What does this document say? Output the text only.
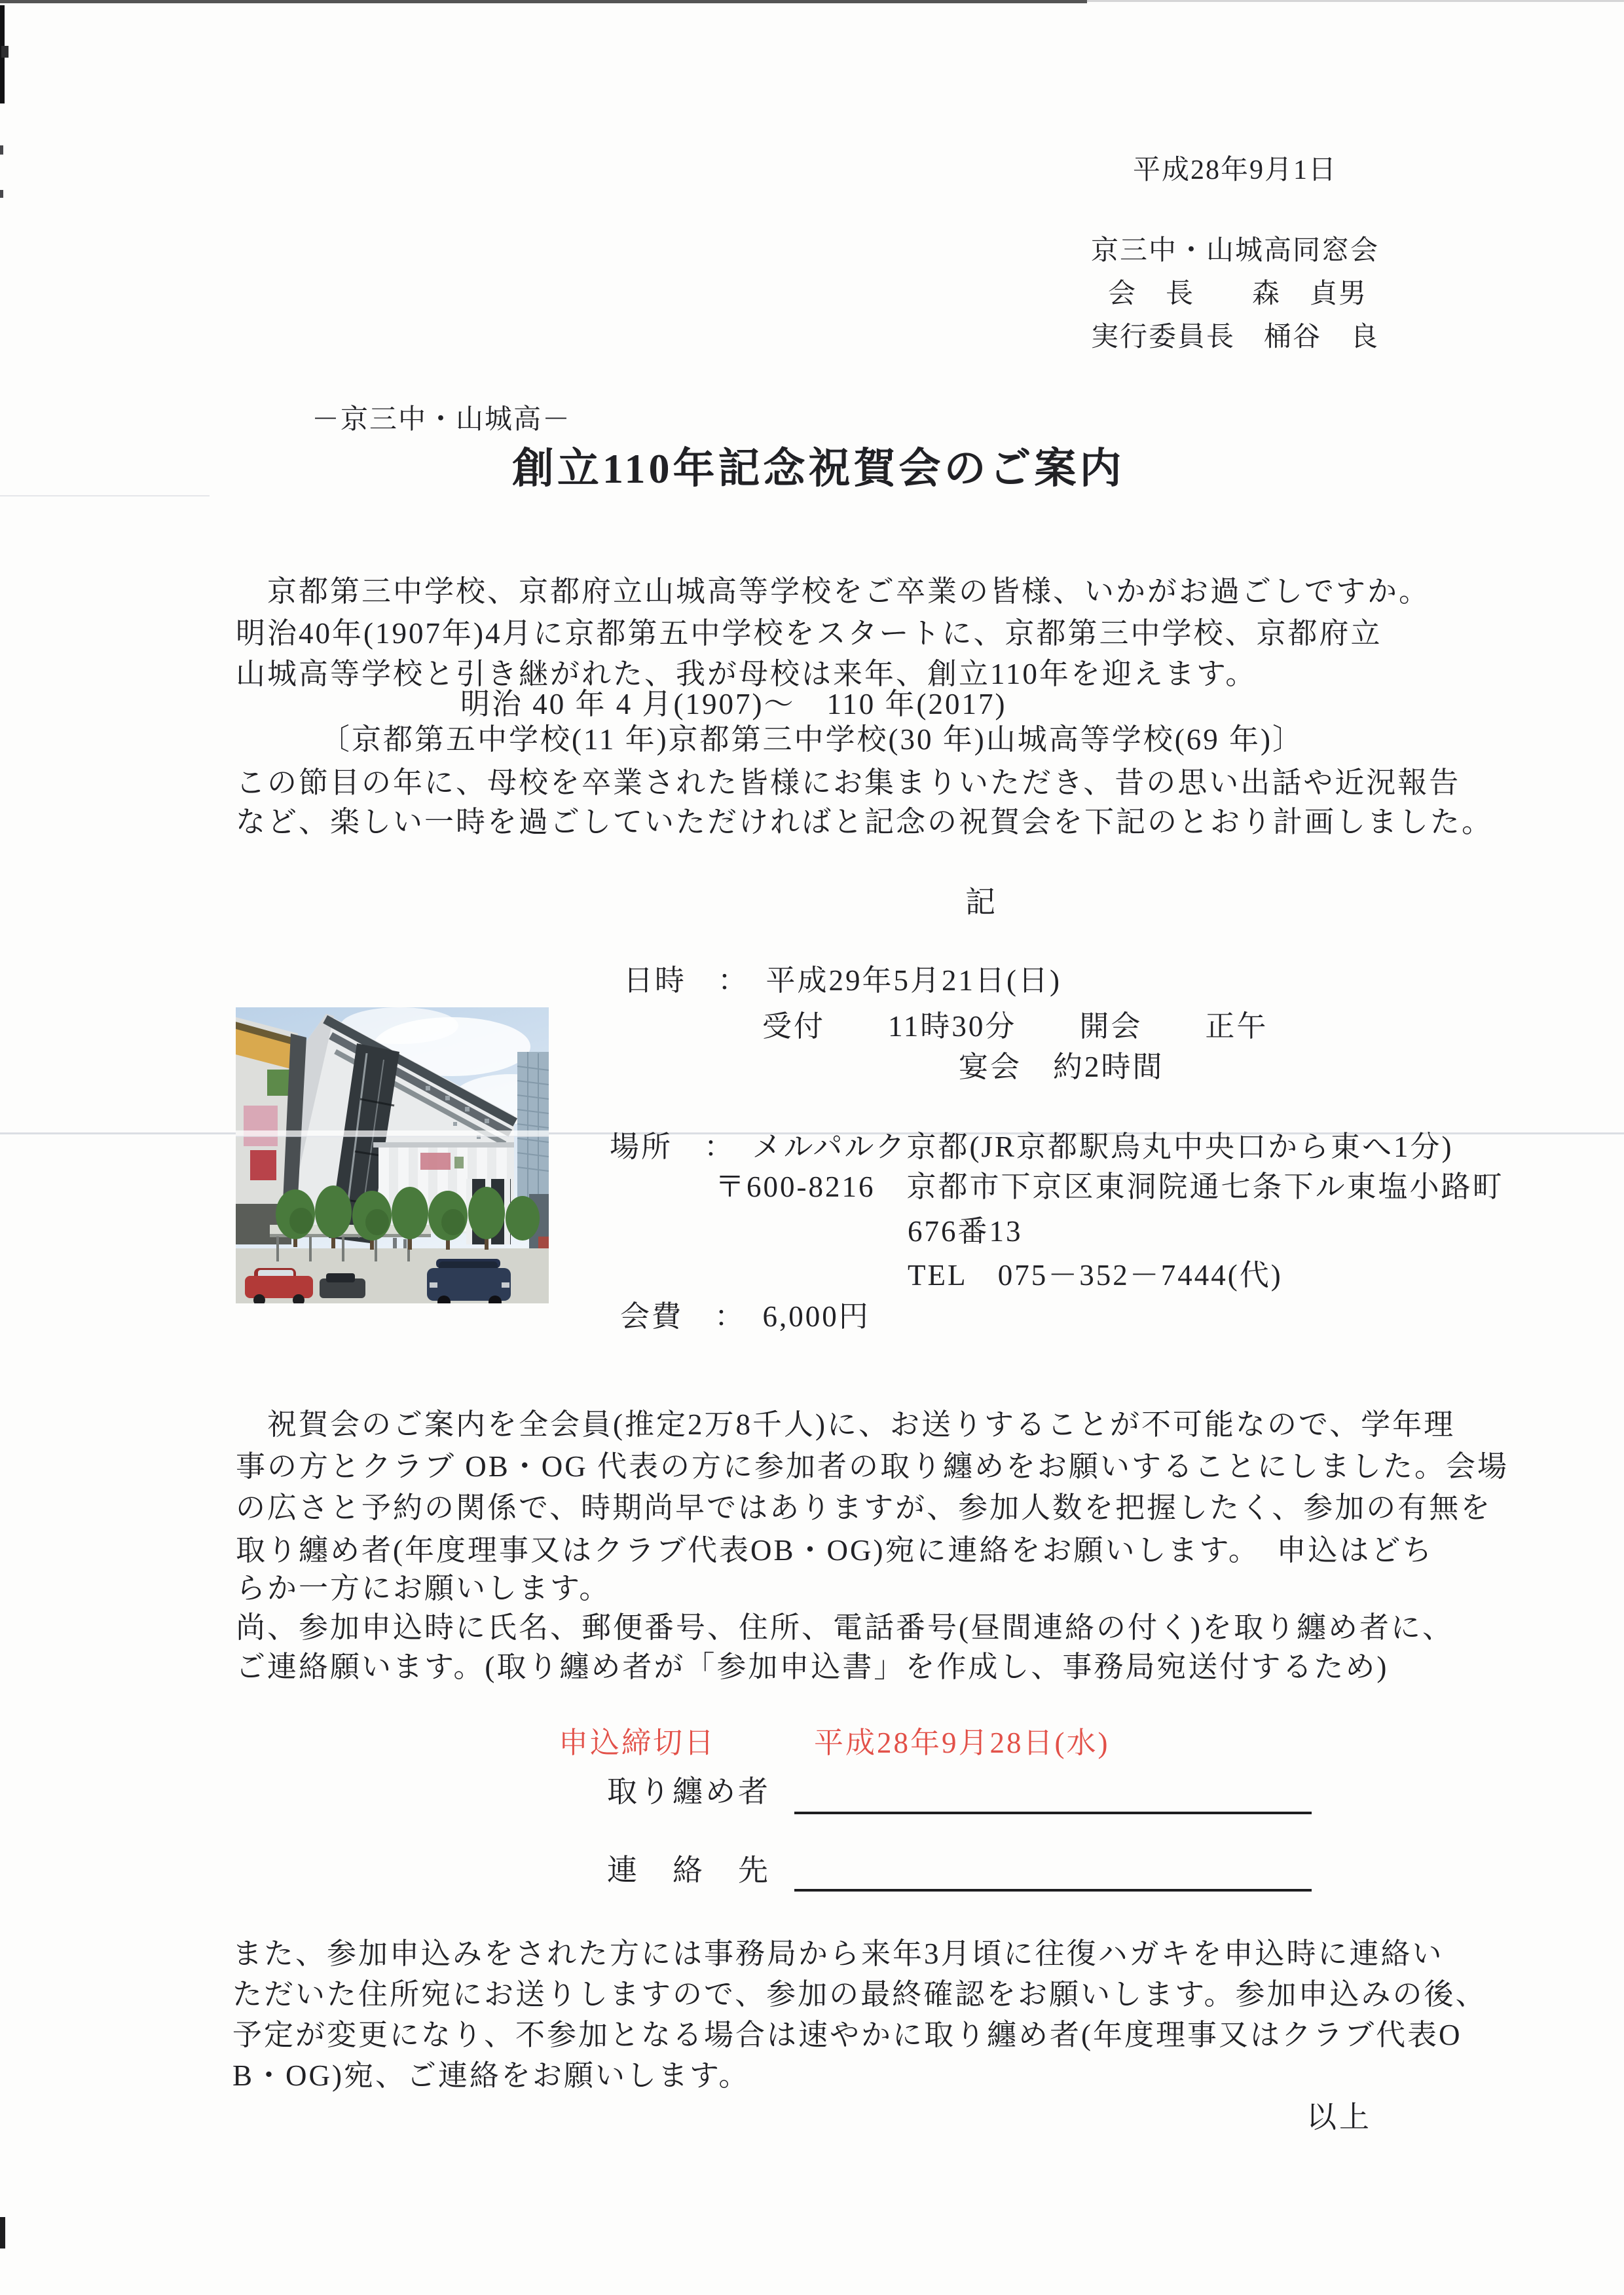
平成28年9月1日
京三中・山城高同窓会
会　長　　森　貞男
実行委員長　桶谷　良
－京三中・山城高－
創立110年記念祝賀会のご案内
　京都第三中学校、京都府立山城高等学校をご卒業の皆様、いかがお過ごしですか。
明治40年(1907年)4月に京都第五中学校をスタートに、京都第三中学校、京都府立
山城高等学校と引き継がれた、我が母校は来年、創立110年を迎えます。
明治 40 年 4 月(1907)～　110 年(2017)
〔京都第五中学校(11 年)京都第三中学校(30 年)山城高等学校(69 年)〕
この節目の年に、母校を卒業された皆様にお集まりいただき、昔の思い出話や近況報告
など、楽しい一時を過ごしていただければと記念の祝賀会を下記のとおり計画しました。
記
日時　：　平成29年5月21日(日)
受付　　11時30分　　開会　　正午
宴会　約2時間
場所　：　メルパルク京都(JR京都駅烏丸中央口から東へ1分)
〒600-8216　京都市下京区東洞院通七条下ル東塩小路町
676番13
TEL　075－352－7444(代)
会費　：　6,000円
　祝賀会のご案内を全会員(推定2万8千人)に、お送りすることが不可能なので、学年理
事の方とクラブ OB・OG 代表の方に参加者の取り纏めをお願いすることにしました。会場
の広さと予約の関係で、時期尚早ではありますが、参加人数を把握したく、参加の有無を
取り纏め者(年度理事又はクラブ代表OB・OG)宛に連絡をお願いします。　申込はどち
らか一方にお願いします。
尚、参加申込時に氏名、郵便番号、住所、電話番号(昼間連絡の付く)を取り纏め者に、
ご連絡願います。(取り纏め者が「参加申込書」を作成し、事務局宛送付するため)

申込締切日	平成28年9月28日(水)

取り纏め者
連　絡　先
また、参加申込みをされた方には事務局から来年3月頃に往復ハガキを申込時に連絡い
ただいた住所宛にお送りしますので、参加の最終確認をお願いします。参加申込みの後、
予定が変更になり、不参加となる場合は速やかに取り纏め者(年度理事又はクラブ代表O
B・OG)宛、ご連絡をお願いします。
以上
